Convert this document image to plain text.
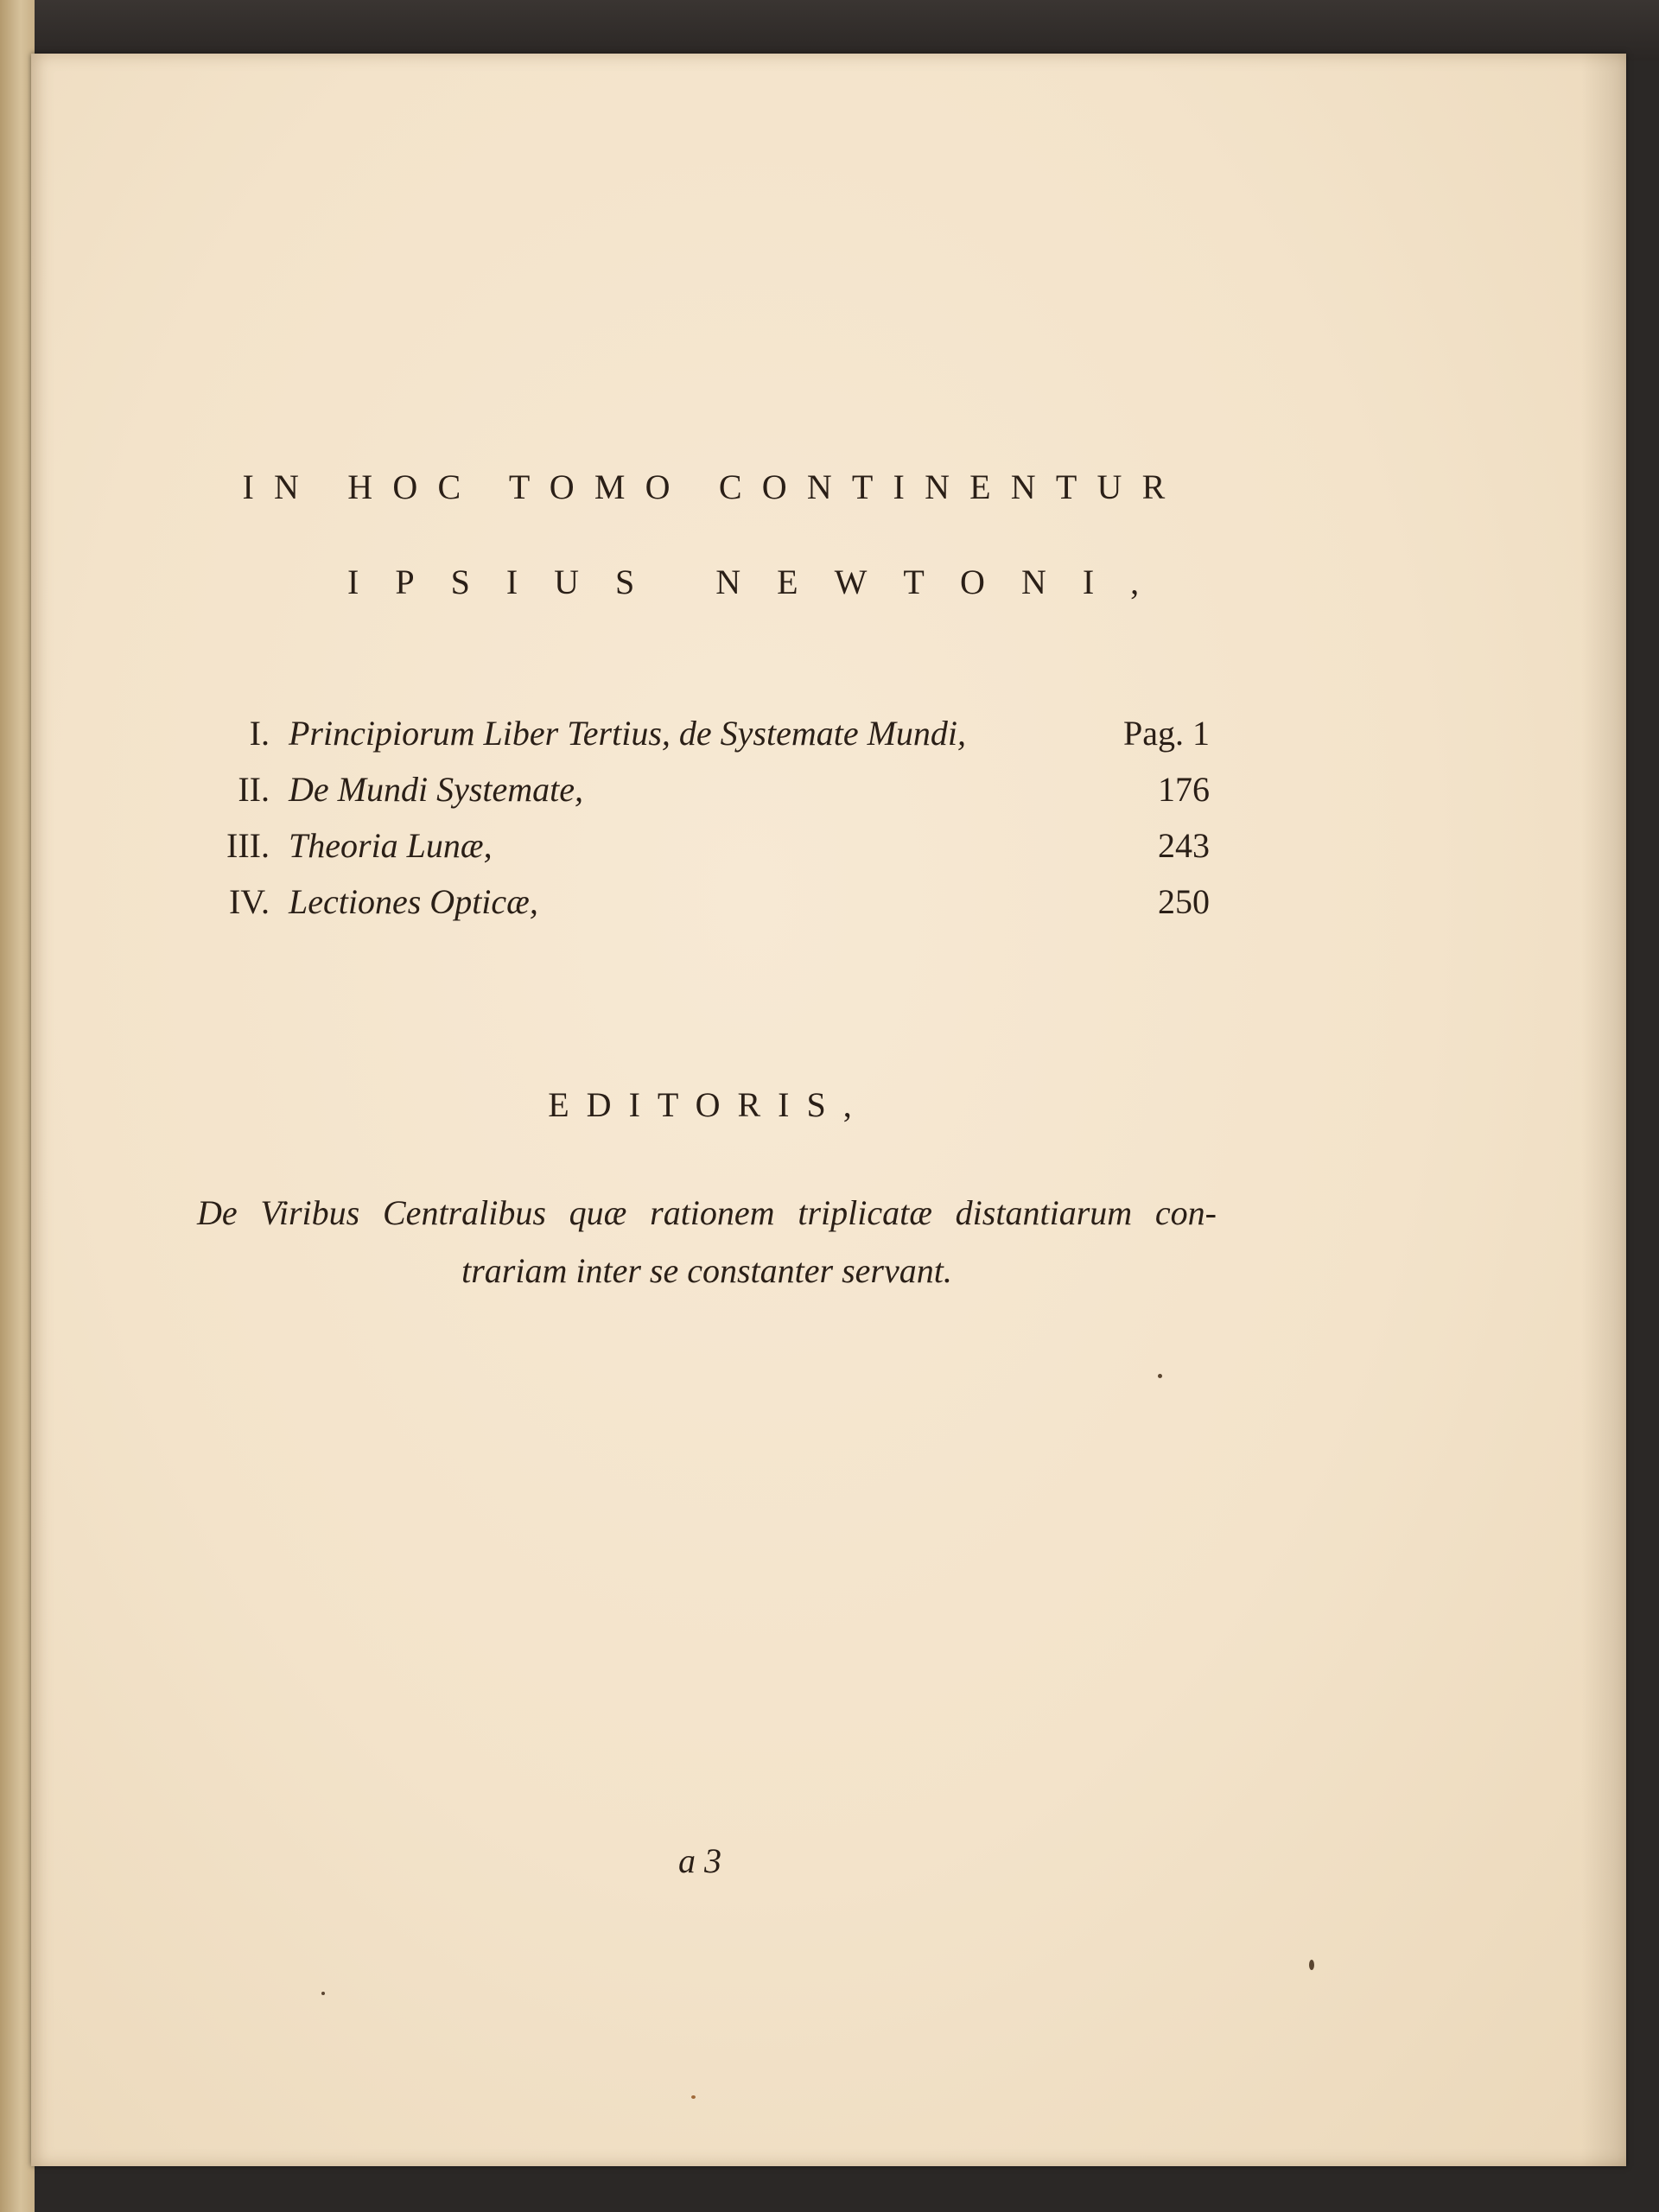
IN HOC TOMO CONTINENTUR
IPSIUS NEWTONI,
I. Principiorum Liber Tertius, de Systemate Mundi,	Pag. 1
II. De Mundi Systemate,	176
III. Theoria Lunæ,	243
IV. Lectiones Opticæ,	250
EDITORIS,
De Viribus Centralibus quæ rationem triplicatæ distantiarum con-
trariam inter se constanter servant.
a 3
